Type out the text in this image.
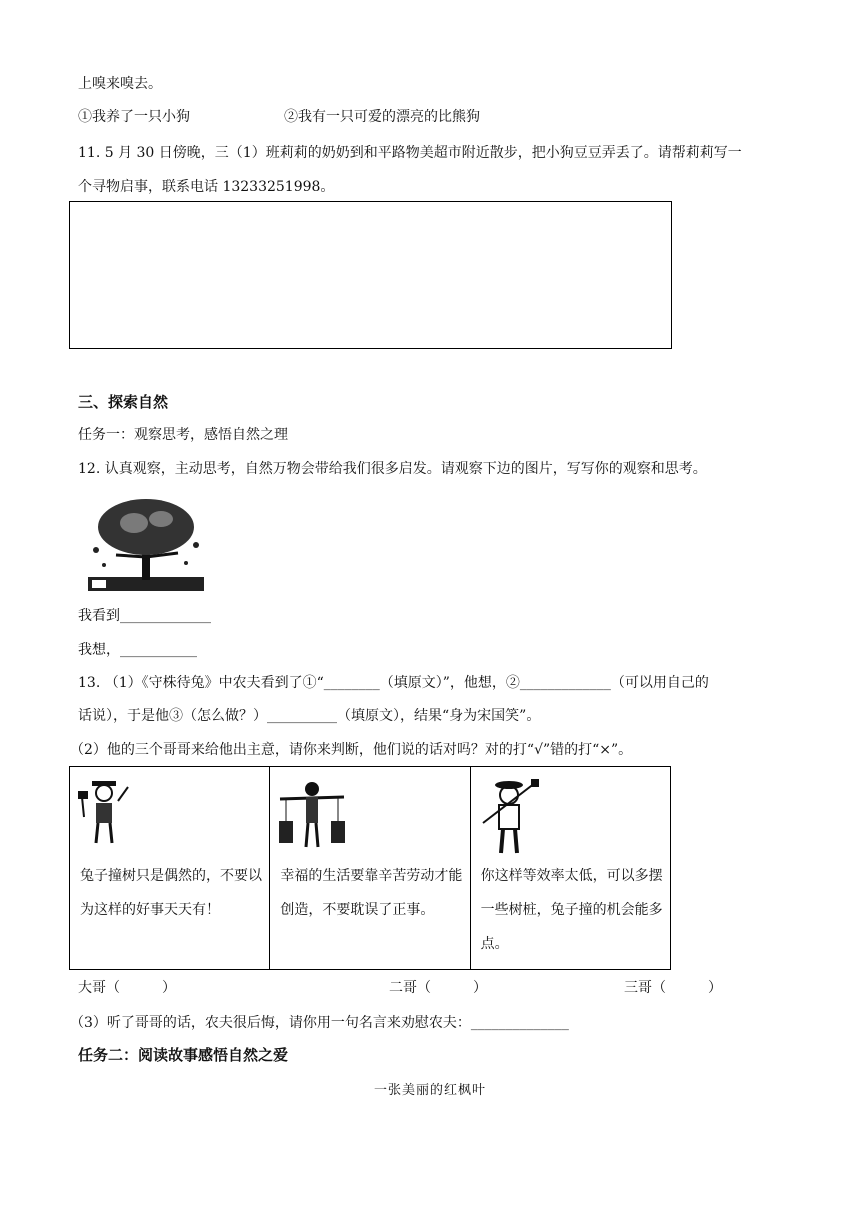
上嗅来嗅去。
①我养了一只小狗	②我有一只可爱的漂亮的比熊狗
11. 5 月 30 日傍晚，三（1）班莉莉的奶奶到和平路物美超市附近散步，把小狗豆豆弄丢了。请帮莉莉写一
个寻物启事，联系电话 13233251998。
三、探索自然
任务一：观察思考，感悟自然之理
12. 认真观察，主动思考，自然万物会带给我们很多启发。请观察下边的图片，写写你的观察和思考。
我看到_____________
我想，___________
13. （1）《守株待兔》中农夫看到了①“________（填原文）”，他想，②_____________（可以用自己的
话说），于是他③（怎么做？）__________（填原文），结果“身为宋国笑”。
（2）他的三个哥哥来给他出主意，请你来判断，他们说的话对吗？对的打“√”错的打“×”。
兔子撞树只是偶然的，不要以为这样的好事天天有！
幸福的生活要靠辛苦劳动才能创造，不要耽误了正事。
你这样等效率太低，可以多摆一些树桩，兔子撞的机会能多点。
大哥（　　　）	二哥（　　　）	三哥（　　　）
（3）听了哥哥的话，农夫很后悔，请你用一句名言来劝慰农夫：______________
任务二：阅读故事感悟自然之爱
一张美丽的红枫叶
